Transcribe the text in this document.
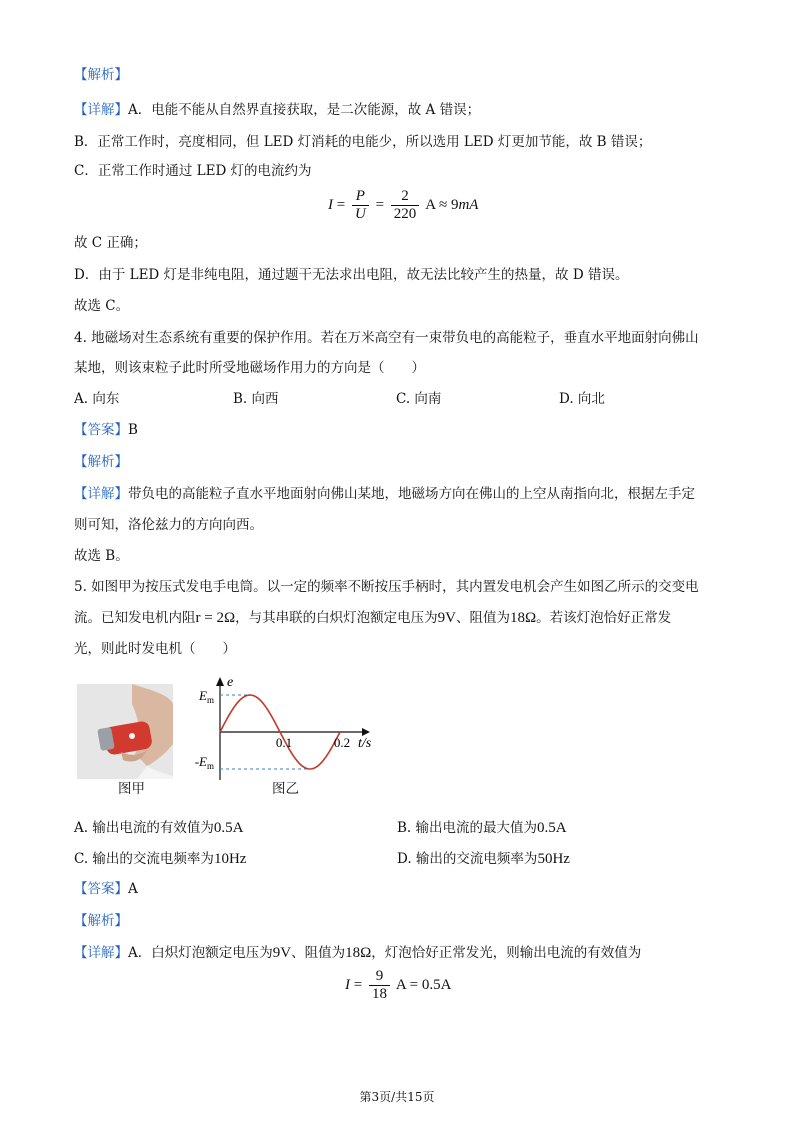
【解析】
【详解】A．电能不能从自然界直接获取，是二次能源，故 A 错误；
B．正常工作时，亮度相同，但 LED 灯消耗的电能少，所以选用 LED 灯更加节能，故 B 错误；
C．正常工作时通过 LED 灯的电流约为
$I = \frac{P}{U} = \frac{2}{220}$ A ≈ 9mA
故 C 正确；
D．由于 LED 灯是非纯电阻，通过题干无法求出电阻，故无法比较产生的热量，故 D 错误。
故选 C。
4. 地磁场对生态系统有重要的保护作用。若在万米高空有一束带负电的高能粒子，垂直水平地面射向佛山
某地，则该束粒子此时所受地磁场作用力的方向是（　　）
A. 向东	B. 向西	C. 向南	D. 向北
【答案】B
【解析】
【详解】带负电的高能粒子直水平地面射向佛山某地，地磁场方向在佛山的上空从南指向北，根据左手定
则可知，洛伦兹力的方向向西。
故选 B。
5. 如图甲为按压式发电手电筒。以一定的频率不断按压手柄时，其内置发电机会产生如图乙所示的交变电
流。已知发电机内阻r = 2Ω，与其串联的白炽灯泡额定电压为9V、阻值为18Ω。若该灯泡恰好正常发
光，则此时发电机（　　）
图甲
e
t/s
$E_m$
$-E_m$
0.1	0.2
图乙
A. 输出电流的有效值为0.5A	B. 输出电流的最大值为0.5A
C. 输出的交流电频率为10Hz	D. 输出的交流电频率为50Hz
【答案】A
【解析】
【详解】A．白炽灯泡额定电压为9V、阻值为18Ω，灯泡恰好正常发光，则输出电流的有效值为
$I = \frac{9}{18}$ A = 0.5A
第3页/共15页
